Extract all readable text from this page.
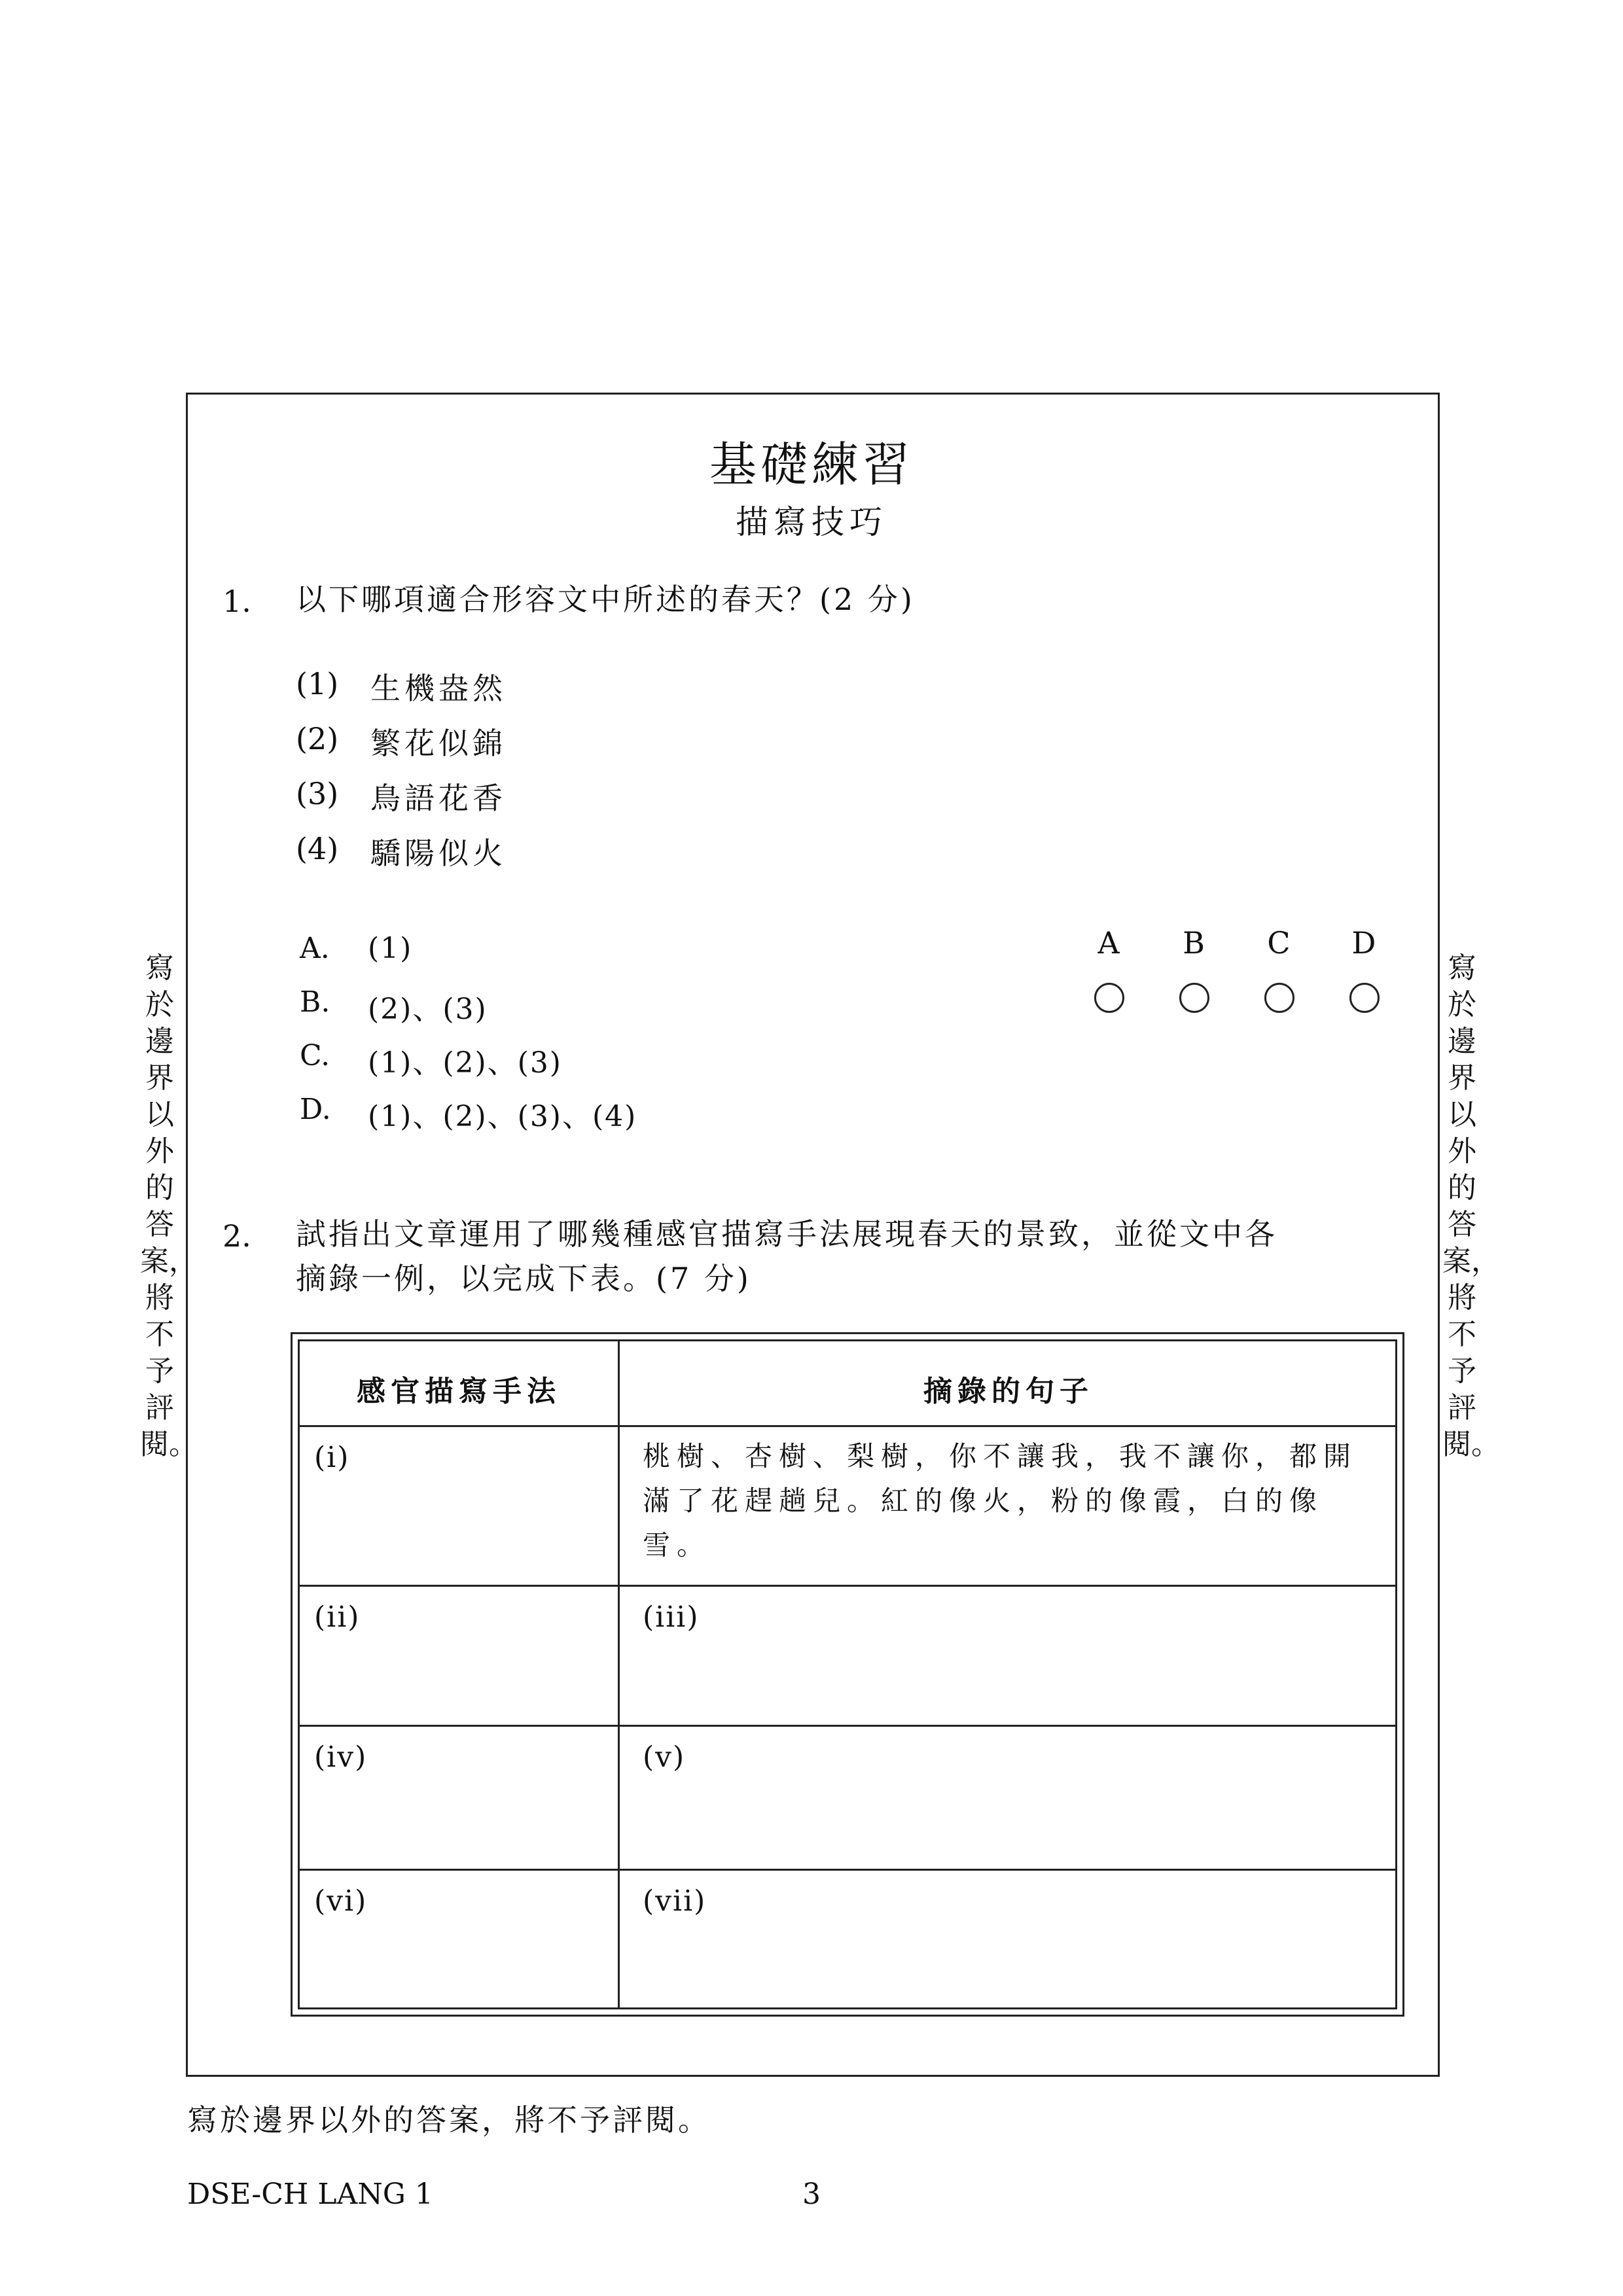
寫於邊界以外的答案，將不予評閱。
寫於邊界以外的答案，將不予評閱。
基礎練習
描寫技巧
1. 以下哪項適合形容文中所述的春天？(2 分)
(1) 生機盎然
(2) 繁花似錦
(3) 鳥語花香
(4) 驕陽似火
A. (1)
B. (2)、(3)
C. (1)、(2)、(3)
D. (1)、(2)、(3)、(4)
A B C D
2. 試指出文章運用了哪幾種感官描寫手法展現春天的景致，並從文中各
摘錄一例，以完成下表。(7 分)
感官描寫手法	摘錄的句子
(i)	桃樹、杏樹、梨樹，你不讓我，我不讓你，都開滿了花趕趟兒。紅的像火，粉的像霞，白的像雪。
(ii)	(iii)
(iv)	(v)
(vi)	(vii)
寫於邊界以外的答案，將不予評閱。
DSE-CH LANG 1	3
